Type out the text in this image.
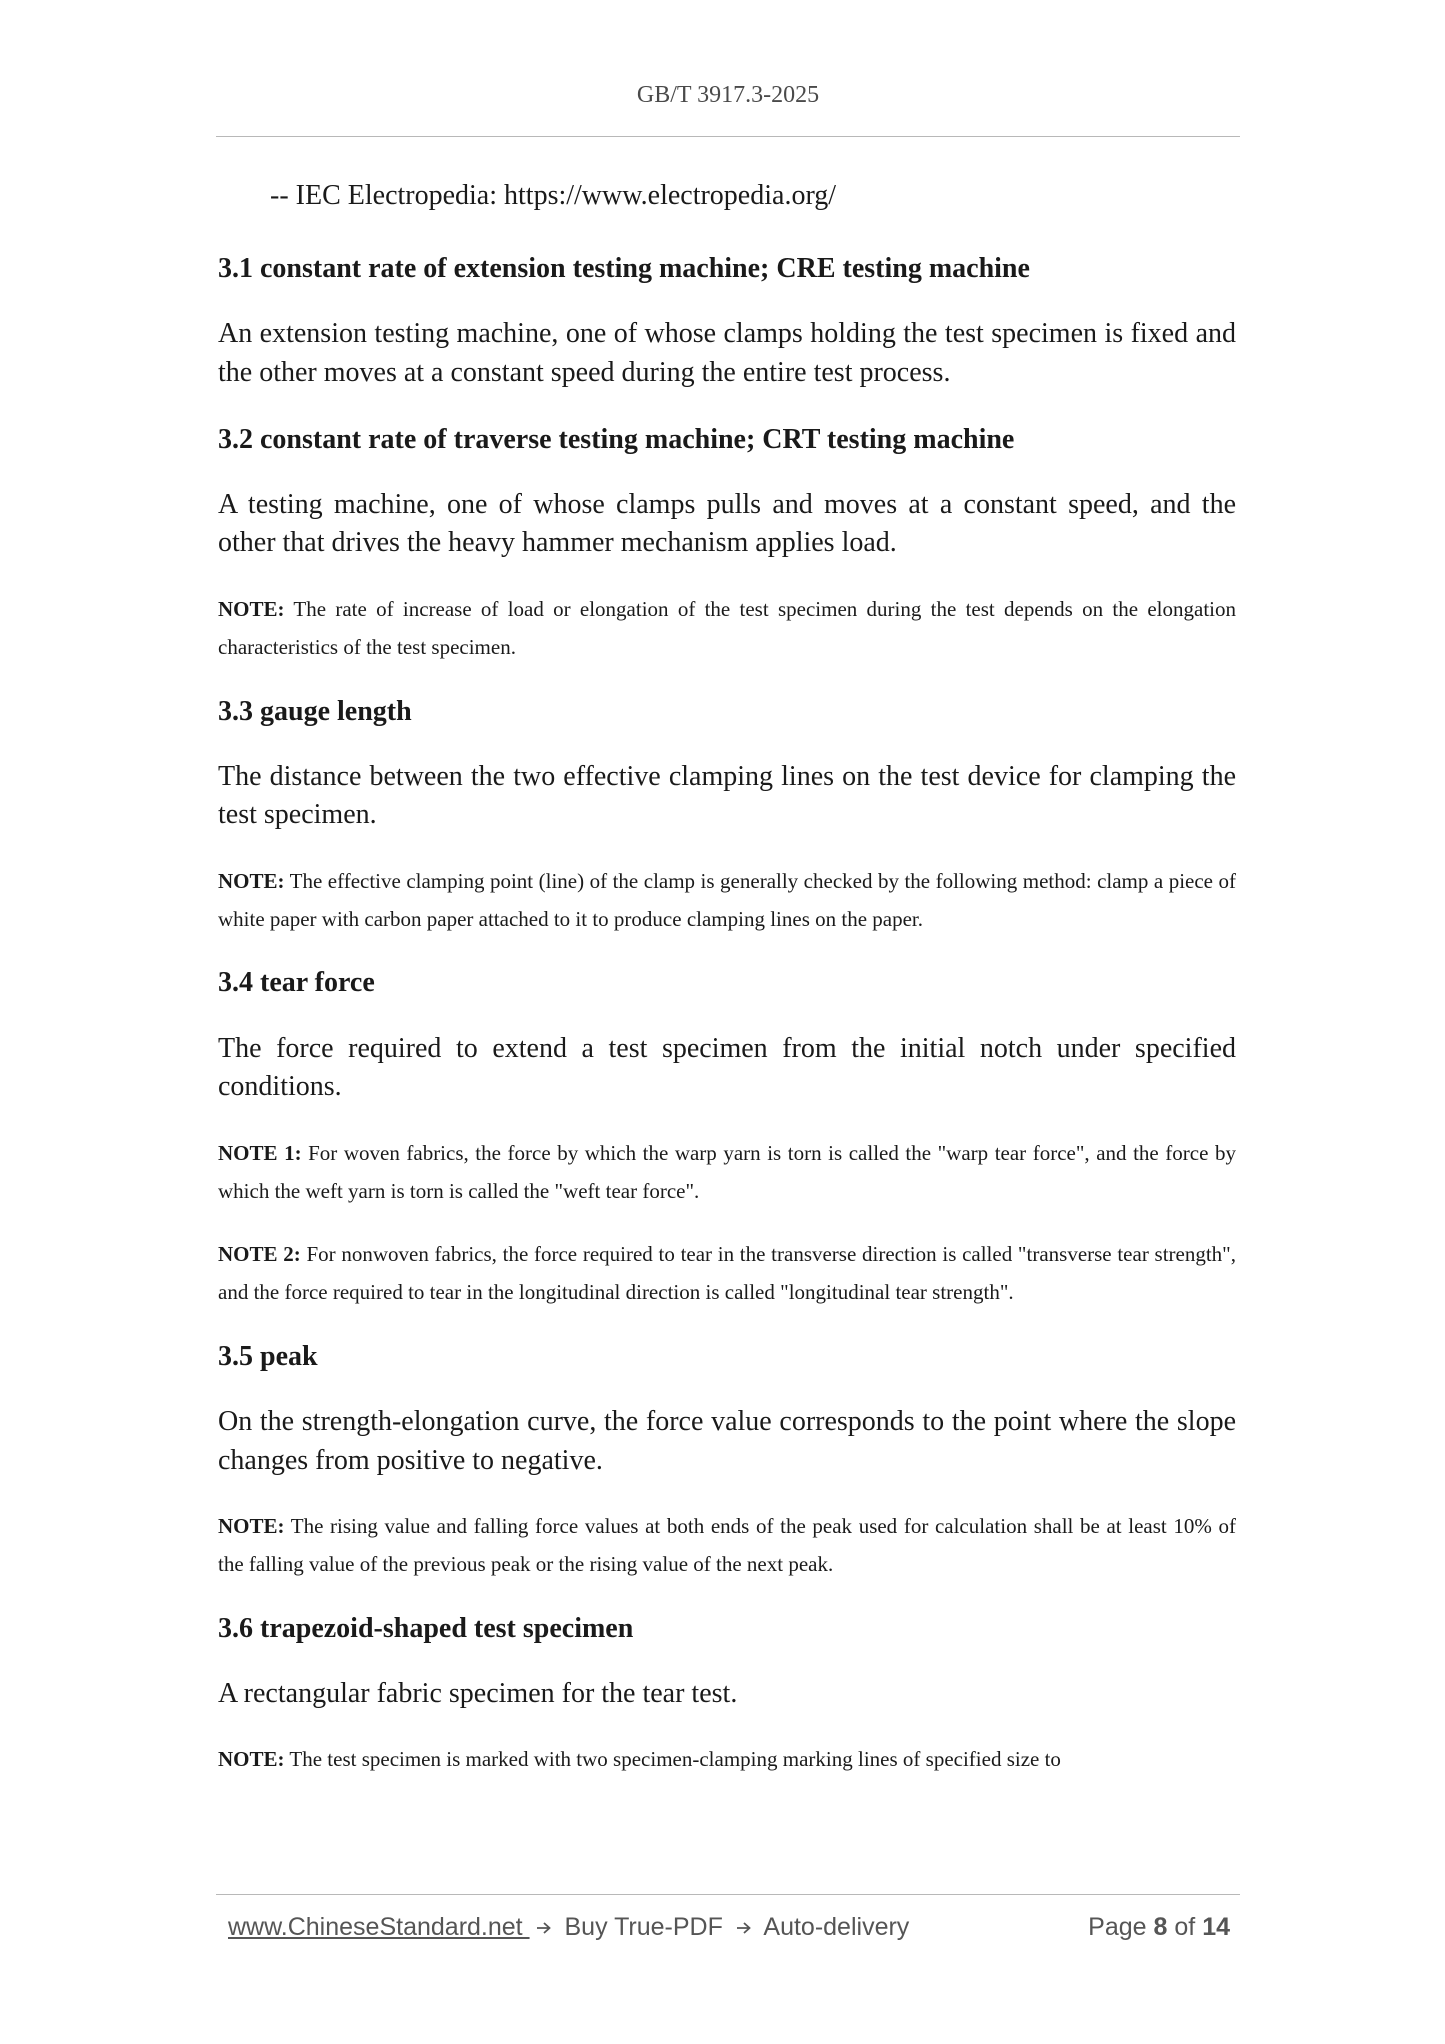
GB/T 3917.3-2025

-- IEC Electropedia: https://www.electropedia.org/

3.1 constant rate of extension testing machine; CRE testing machine

An extension testing machine, one of whose clamps holding the test specimen is fixed and the other moves at a constant speed during the entire test process.

3.2 constant rate of traverse testing machine; CRT testing machine

A testing machine, one of whose clamps pulls and moves at a constant speed, and the other that drives the heavy hammer mechanism applies load.

NOTE: The rate of increase of load or elongation of the test specimen during the test depends on the elongation characteristics of the test specimen.

3.3 gauge length

The distance between the two effective clamping lines on the test device for clamping the test specimen.

NOTE: The effective clamping point (line) of the clamp is generally checked by the following method: clamp a piece of white paper with carbon paper attached to it to produce clamping lines on the paper.

3.4 tear force

The force required to extend a test specimen from the initial notch under specified conditions.

NOTE 1: For woven fabrics, the force by which the warp yarn is torn is called the "warp tear force", and the force by which the weft yarn is torn is called the "weft tear force".

NOTE 2: For nonwoven fabrics, the force required to tear in the transverse direction is called "transverse tear strength", and the force required to tear in the longitudinal direction is called "longitudinal tear strength".

3.5 peak

On the strength-elongation curve, the force value corresponds to the point where the slope changes from positive to negative.

NOTE: The rising value and falling force values at both ends of the peak used for calculation shall be at least 10% of the falling value of the previous peak or the rising value of the next peak.

3.6 trapezoid-shaped test specimen

A rectangular fabric specimen for the tear test.

NOTE: The test specimen is marked with two specimen-clamping marking lines of specified size to

www.ChineseStandard.net  Buy True-PDF  Auto-delivery	Page 8 of 14
